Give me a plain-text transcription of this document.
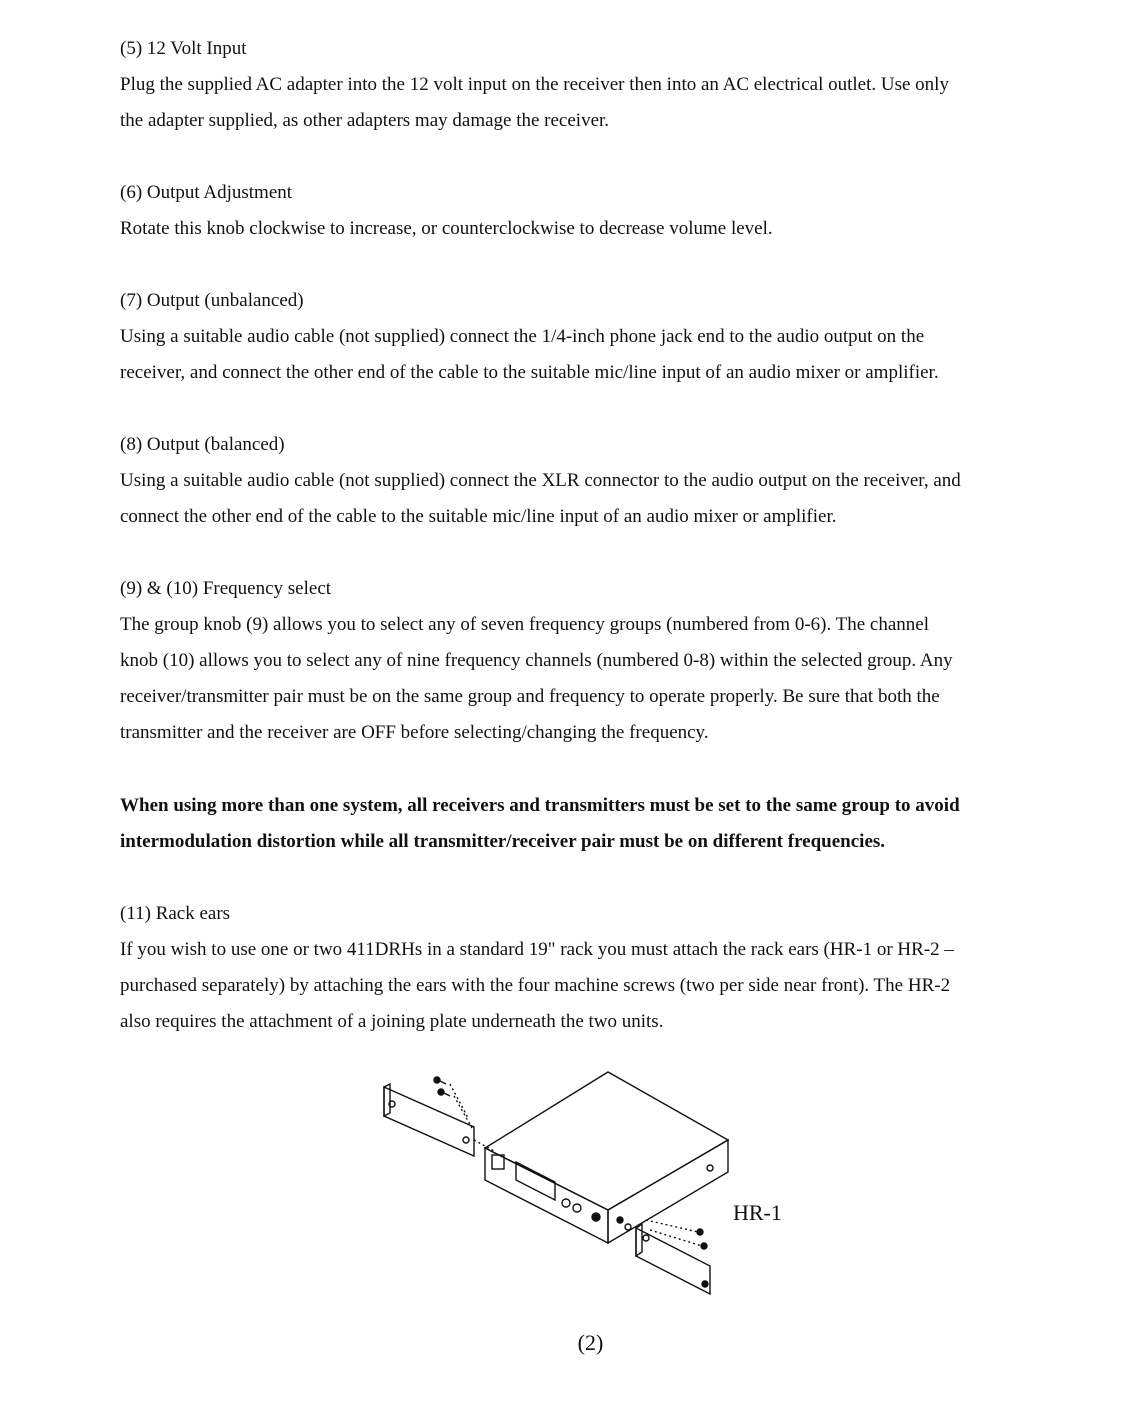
(5) 12 Volt Input
Plug the supplied AC adapter into the 12 volt input on the receiver then into an AC electrical outlet. Use only
the adapter supplied, as other adapters may damage the receiver.
(6) Output Adjustment
Rotate this knob clockwise to increase, or counterclockwise to decrease volume level.
(7) Output (unbalanced)
Using a suitable audio cable (not supplied) connect the 1/4-inch phone jack end to the audio output on the
receiver, and connect the other end of the cable to the suitable mic/line input of an audio mixer or amplifier.
(8) Output (balanced)
Using a suitable audio cable (not supplied) connect the XLR connector to the audio output on the receiver, and
connect the other end of the cable to the suitable mic/line input of an audio mixer or amplifier.
(9) & (10) Frequency select
The group knob (9) allows you to select any of seven frequency groups (numbered from 0-6). The channel
knob (10) allows you to select any of nine frequency channels (numbered 0-8) within the selected group. Any
receiver/transmitter pair must be on the same group and frequency to operate properly. Be sure that both the
transmitter and the receiver are OFF before selecting/changing the frequency.
When using more than one system, all receivers and transmitters must be set to the same group to avoid
intermodulation distortion while all transmitter/receiver pair must be on different frequencies.
(11) Rack ears
If you wish to use one or two 411DRHs in a standard 19" rack you must attach the rack ears (HR-1 or HR-2 –
purchased separately) by attaching the ears with the four machine screws (two per side near front). The HR-2
also requires the attachment of a joining plate underneath the two units.
HR-1
(2)
